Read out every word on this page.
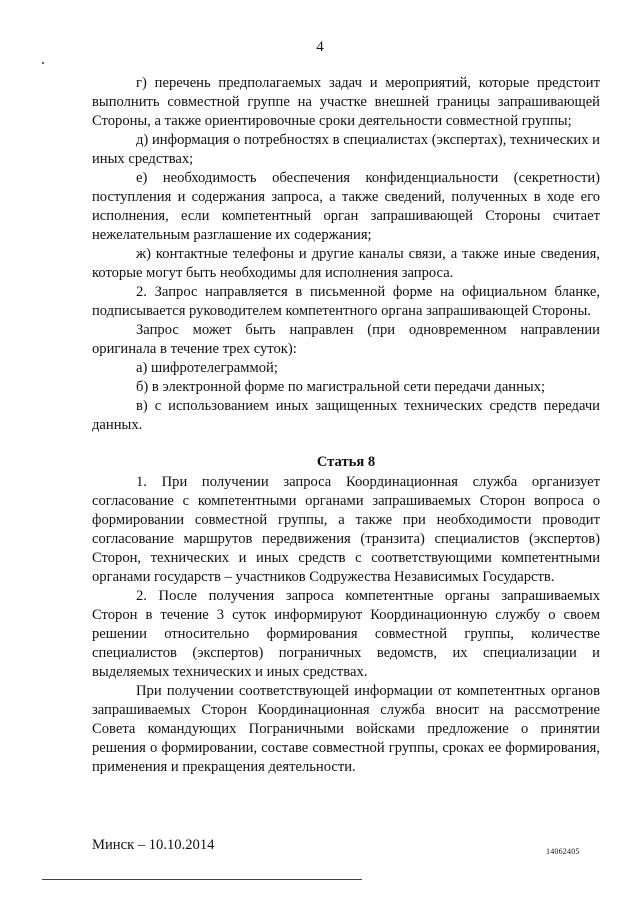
4

г) перечень предполагаемых задач и мероприятий, которые предстоит выполнить совместной группе на участке внешней границы запрашивающей Стороны, а также ориентировочные сроки деятельности совместной группы;

д) информация о потребностях в специалистах (экспертах), технических и иных средствах;

е) необходимость обеспечения конфиденциальности (секретности) поступления и содержания запроса, а также сведений, полученных в ходе его исполнения, если компетентный орган запрашивающей Стороны считает нежелательным разглашение их содержания;

ж) контактные телефоны и другие каналы связи, а также иные сведения, которые могут быть необходимы для исполнения запроса.

2. Запрос направляется в письменной форме на официальном бланке, подписывается руководителем компетентного органа запрашивающей Стороны.

Запрос может быть направлен (при одновременном направлении оригинала в течение трех суток):

а) шифротелеграммой;

б) в электронной форме по магистральной сети передачи данных;

в) с использованием иных защищенных технических средств передачи данных.

Статья 8

1. При получении запроса Координационная служба организует согласование с компетентными органами запрашиваемых Сторон вопроса о формировании совместной группы, а также при необходимости проводит согласование маршрутов передвижения (транзита) специалистов (экспертов) Сторон, технических и иных средств с соответствующими компетентными органами государств – участников Содружества Независимых Государств.

2. После получения запроса компетентные органы запрашиваемых Сторон в течение 3 суток информируют Координационную службу о своем решении относительно формирования совместной группы, количестве специалистов (экспертов) пограничных ведомств, их специализации и выделяемых технических и иных средствах.

При получении соответствующей информации от компетентных органов запрашиваемых Сторон Координационная служба вносит на рассмотрение Совета командующих Пограничными войсками предложение о принятии решения о формировании, составе совместной группы, сроках ее формирования, применения и прекращения деятельности.

Минск – 10.10.2014	14062405
